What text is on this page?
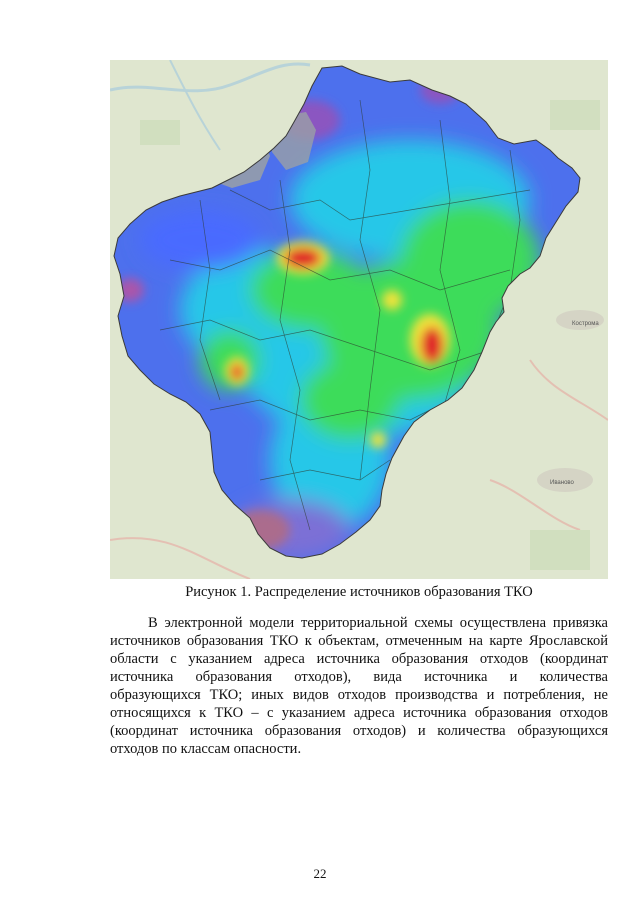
Кострома
Иваново
Рисунок 1. Распределение источников образования ТКО
В электронной модели территориальной схемы осуществлена привязка
источников образования ТКО к объектам, отмеченным на карте Ярославской
области с указанием адреса источника образования отходов (координат
источника образования отходов), вида источника и количества
образующихся ТКО; иных видов отходов производства и потребления, не
относящихся к ТКО – с указанием адреса источника образования отходов
(координат источника образования отходов) и количества образующихся
отходов по классам опасности.
22
